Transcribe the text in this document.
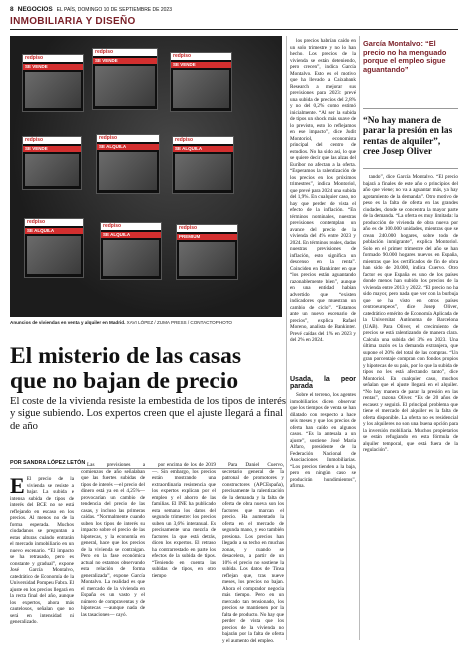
8 NEGOCIOS EL PAÍS, DOMINGO 10 DE SEPTIEMBRE DE 2023
INMOBILIARIA Y DISEÑO
redpiso
SE VENDE
redpiso
SE VENDE
redpiso
SE VENDE
redpiso
SE VENDE
redpiso
SE ALQUILA
redpiso
SE ALQUILA
redpiso
SE ALQUILA
redpiso
SE ALQUILA
redpiso
PREMIUM
Anuncios de viviendas en venta y alquiler en Madrid. XAVI LÓPEZ / ZUMA PRESS / CONTACTOPHOTO
El misterio de las casas que no bajan de precio
El coste de la vivienda resiste la embestida de los tipos de interés y sigue subiendo. Los expertos creen que el ajuste llegará a final de año
POR SANDRA LÓPEZ LETÓN
E El precio de la vivienda se resiste a bajar. La subida e intensa subida de tipos de interés del BCE no se está reflejando en escaso en los precios. Al menos no de la forma esperada. Muchos ciudadanos se preguntan a estas alturas cuándo entrarán el mercado inmobiliario en un nuevo escenario. “El impacto se ha retrasado, pero es constante y gradual”, expone José García Montalvo, catedrático de Economía de la Universidad Pompeu Fabra. El ajuste en los precios llegará en la recta final del año, aunque los expertos, ahora más cautelosos, señalan que no será en intensidad ni generalizado.

Las previsiones a comienzos de año señalaban que las fuertes subidas de tipos de interés —el precio del dinero está ya en el 4,25%— provocarían un cambio de tendencia del precio de las casas, y incluso las primeras caídas. “Normalmente cuando suben los tipos de interés su impacto sobre el precio de las hipotecas, y la economía en general, hace que los precios de la vivienda se contraigan. Pero en la fase económica actual no estamos observando esta relación de forma generalizada”, expone García Montalvo. La realidad es que el mercado de la vivienda en España es un vasto y el número de compraventas y de hipotecas —aunque nada de las tasaciones— cayó.

por encima de los de 2019—. Sin embargo, los precios están mostrando una extraordinaria resistencia que los expertos explican por el empleo y el ahorro de las familias. El INE ha publicado esta semana los datos del segundo trimestre: los precios suben un 3,6% interanual. Es precisamente una mezcla de factores la que está detrás, dicen los expertos. El retraso ha contrarrestado en parte los efectos de la subida de tipos. “Teniendo en cuenta las subidas de tipos, en otro tiempo

los precios habrían caído en un solo trimestre y no lo han hecho. Los precios de la vivienda se están deteniendo, pero crecen”, indica García Montalvo. Esto es el motivo que ha llevado a Caixabank Research a mejorar sus previsiones para 2023: prevé una subida de precios del 2,8% y no del 0,2% como estimó inicialmente. “Al ser la subida de tipos un shock más suave de lo previsto, esto lo reflejamos en ese impacto”, dice Judit Montoriol, economista principal del centro de estudios. No ha sido así, lo que se quiere decir que las alzas del Euríbor no afectan a la oferta. “Esperamos la ralentización de los precios en los próximos trimestres”, indica Montoriol, que prevé para 2024 una subida del 1,9%. En cualquier caso, no hay que perder de vista el efecto de la inflación. “En términos nominales, nuestras previsiones contemplan un avance del precio de la vivienda del 4% entre 2023 y 2024. En términos reales, dadas nuestras previsiones de inflación, esto significa un descenso en la renta”. Coinciden en Bankinter en que “los precios están aguantando razonablemente bien”, aunque en una entidad habían advertido que “existen indicadores que muestran un cambio de ciclo”. “Estamos ante un nuevo escenario de precios”, explica Rafael Moreno, analista de Bankinter. Prevé caídas del 1% en 2023 y del 2% en 2024.

Usada, la peor parada

Sobre el terreno, los agentes inmobiliarios dicen observar que los tiempos de venta se han dilatado con respecto a hace seis meses y que los precios de oferta han caído en algunos casos. “Es la antesala a un ajuste”, sostiene José María Alfaro, presidente de la Federación Nacional de Asociaciones Inmobiliarias. “Los precios tienden a la baja, pero en ningún caso se producirán hundimientos”, afirma.

Para Daniel Cuervo, secretario general de la patronal de promotores y constructores (APCEspaña), precisamente la ralentización de la demanda y la falta de oferta de obra nueva son los factores que marcan el precio. Ha aumentado la oferta en el mercado de segunda mano, y eso también presiona. Los precios han llegado a su techo en muchas zonas, y cuando se desacelera, a partir de un 10% el precio no sostiene la subida. Los datos de Tinsa reflejan que, tras nueve meses, los precios no bajan. Ahora el comprador negocia más tiempo. Pero en un mercado tan tensionado, los precios se mantienen por la falta de producto. No hay que perder de vista que los precios de la vivienda no bajarán por la falta de oferta y el aumento del empleo.

García Montalvo: “El precio no ha menguado porque el empleo sigue aguantando”
“No hay manera de parar la presión en las rentas de alquiler”, cree Josep Oliver

tando”, dice García Montalvo. “El precio bajará a finales de este año o principios del año que viene; no va a aguantar más, ya hay agotamiento de la demanda”. Otro motivo de peso es la falta de oferta en las grandes ciudades, donde se concentra la mayor parte de la demanda. “La oferta es muy limitada: la producción de vivienda de obra nueva por año es de 100.000 unidades, mientras que se crean 240.000 hogares, sobre todo de población inmigrante”, explica Montoriol. Solo en el primer trimestre del año se han formado 90.000 hogares nuevos en España, mientras que los certificados de fin de obra han sido de 20.000, indica Cuervo. Otro factor es que España es uno de los países donde menos han subido los precios de la vivienda entre 2013 y 2022. “El precio no ha sido mayor, pero nada que ver con la burbuja que se ha visto en otros países centroeuropeos”, dice Josep Oliver, catedrático emérito de Economía Aplicada de la Universitat Autònoma de Barcelona (UAB). Para Oliver, el crecimiento de precios se está ralentizando de manera clara. Calcula una subida del 3% en 2023. Una última razón es la demanda extranjera, que supone el 20% del total de las compras. “Un gran porcentaje compran con fondos propios y hipotecas de su país, por lo que la subida de tipos no les está afectando tanto”, dice Montoriol. En cualquier caso, muchos señalan que el ajuste llegará en el alquiler. “No hay manera de parar la presión en las rentas”, razona Oliver. “Es de 20 años de escasez y seguirá. El principal problema que tiene el mercado del alquiler es la falta de oferta disponible. La oferta no es residencial y los alquileres no son una buena opción para la inversión mobiliaria. Muchos propietarios se están refugiando en esta fórmula de alquiler temporal, que está fuera de la regulación”.
